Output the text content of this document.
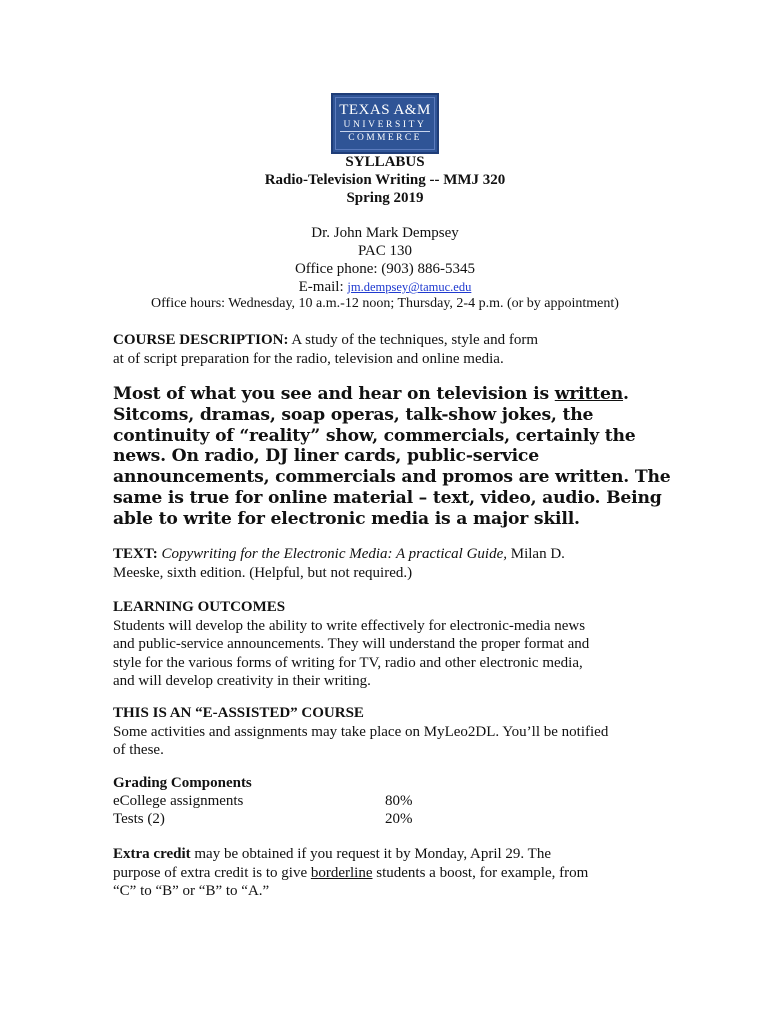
TEXAS A&M
UNIVERSITY
COMMERCE
SYLLABUS
Radio-Television Writing -- MMJ 320
Spring 2019
Dr. John Mark Dempsey
PAC 130
Office phone: (903) 886-5345
E-mail: jm.dempsey@tamuc.edu
Office hours: Wednesday, 10 a.m.-12 noon; Thursday, 2-4 p.m. (or by appointment)
COURSE DESCRIPTION: A study of the techniques, style and form
at of script preparation for the radio, television and online media.
Most of what you see and hear on television is written.
Sitcoms, dramas, soap operas, talk-show jokes, the
continuity of “reality” show, commercials, certainly the
news. On radio, DJ liner cards, public-service
announcements, commercials and promos are written. The
same is true for online material – text, video, audio. Being
able to write for electronic media is a major skill.
TEXT: Copywriting for the Electronic Media: A practical Guide, Milan D.
Meeske, sixth edition. (Helpful, but not required.)
LEARNING OUTCOMES
Students will develop the ability to write effectively for electronic-media news
and public-service announcements. They will understand the proper format and
style for the various forms of writing for TV, radio and other electronic media,
and will develop creativity in their writing.
THIS IS AN “E-ASSISTED” COURSE
Some activities and assignments may take place on MyLeo2DL. You’ll be notified
of these.
Grading Components
eCollege assignments	80%
Tests (2)	20%
Extra credit may be obtained if you request it by Monday, April 29. The
purpose of extra credit is to give borderline students a boost, for example, from
“C” to “B” or “B” to “A.”
